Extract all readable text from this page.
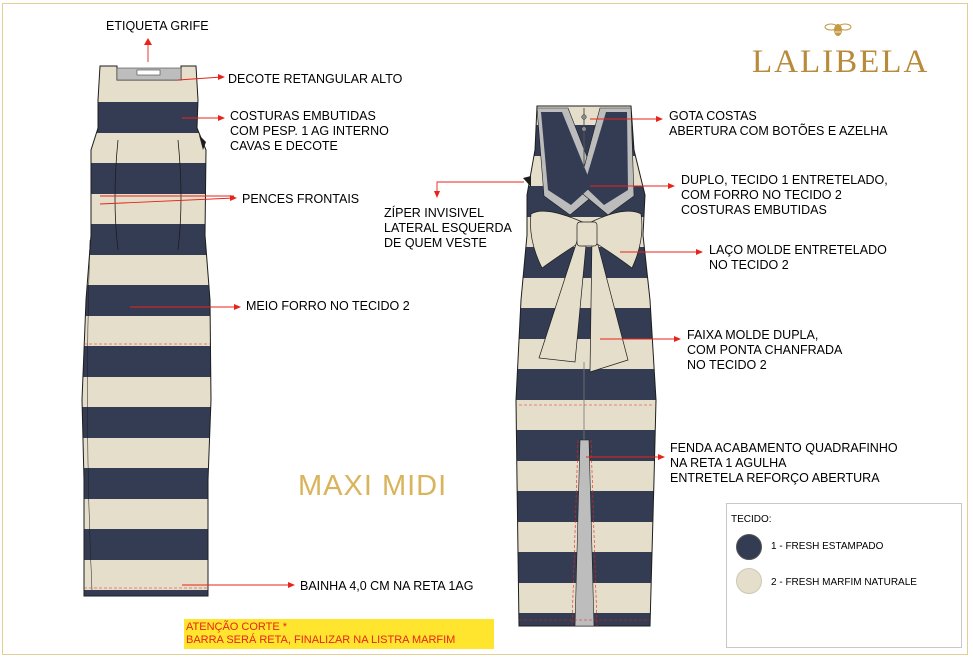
ETIQUETA GRIFE
DECOTE RETANGULAR ALTO
COSTURAS EMBUTIDAS
COM PESP. 1 AG INTERNO
CAVAS E DECOTE
PENCES FRONTAIS
MEIO FORRO NO TECIDO 2
BAINHA 4,0 CM NA RETA 1AG
GOTA COSTAS
ABERTURA COM BOTÕES E AZELHA
DUPLO, TECIDO 1 ENTRETELADO,
COM FORRO NO TECIDO 2
COSTURAS EMBUTIDAS
ZÍPER INVISIVEL
LATERAL ESQUERDA
DE QUEM VESTE	LAÇO MOLDE ENTRETELADO
NO TECIDO 2
FAIXA MOLDE DUPLA,
COM PONTA CHANFRADA
NO TECIDO 2
FENDA ACABAMENTO QUADRAFINHO
NA RETA 1 AGULHA
ENTRETELA REFORÇO ABERTURA
LALIBELA
MAXI MIDI
ATENÇÃO CORTE *
BARRA SERÁ RETA, FINALIZAR NA LISTRA MARFIM
TECIDO:
1 - FRESH ESTAMPADO
2 - FRESH MARFIM NATURALE
